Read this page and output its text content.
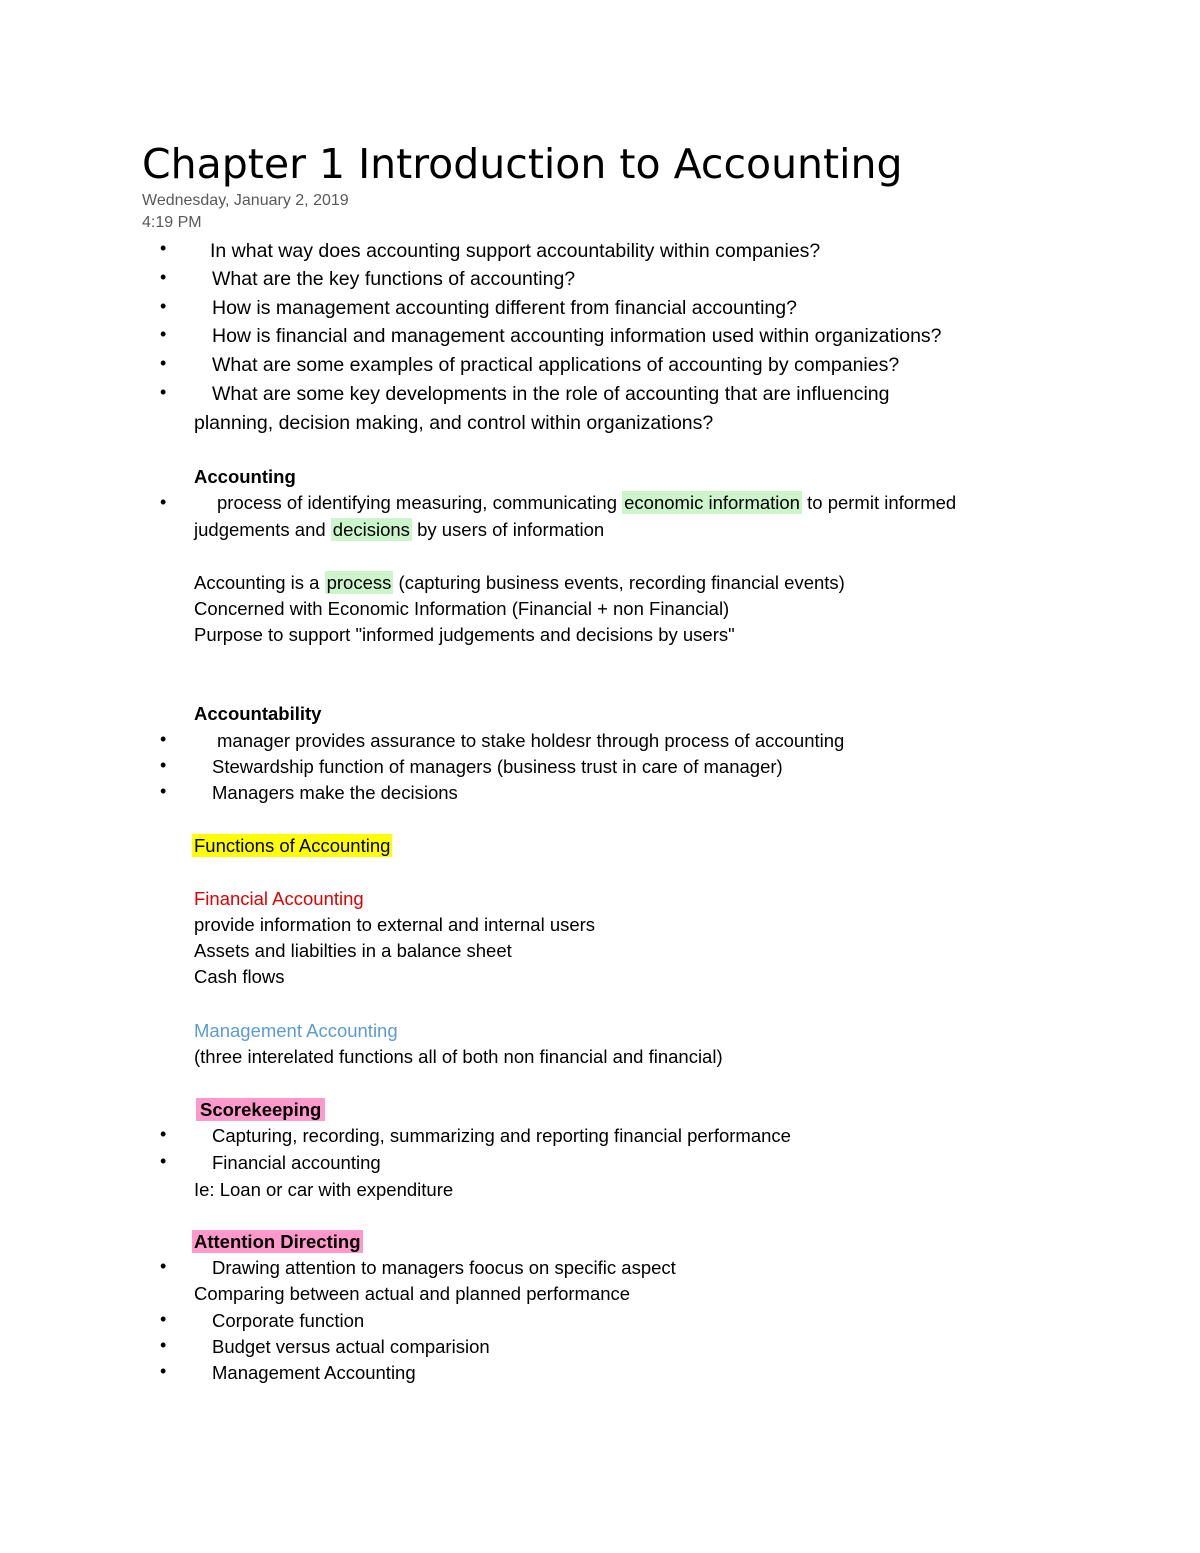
Chapter 1 Introduction to Accounting
Wednesday, January 2, 2019
4:19 PM
• In what way does accounting support accountability within companies?
• What are the key functions of accounting?
• How is management accounting different from financial accounting?
• How is financial and management accounting information used within organizations?
• What are some examples of practical applications of accounting by companies?
• What are some key developments in the role of accounting that are influencing
planning, decision making, and control within organizations?
Accounting
•	process of identifying measuring, communicating economic information to permit informed
judgements and decisions by users of information
Accounting is a process (capturing business events, recording financial events)
Concerned with Economic Information (Financial + non Financial)
Purpose to support "informed judgements and decisions by users"
Accountability
•	manager provides assurance to stake holdesr through process of accounting
• Stewardship function of managers (business trust in care of manager)
• Managers make the decisions
Functions of Accounting
Financial Accounting
provide information to external and internal users
Assets and liabilties in a balance sheet
Cash flows
Management Accounting
(three interelated functions all of both non financial and financial)
Scorekeeping
• Capturing, recording, summarizing and reporting financial performance
• Financial accounting
Ie: Loan or car with expenditure
Attention Directing
• Drawing attention to managers foocus on specific aspect
Comparing between actual and planned performance
• Corporate function
• Budget versus actual comparision
• Management Accounting
